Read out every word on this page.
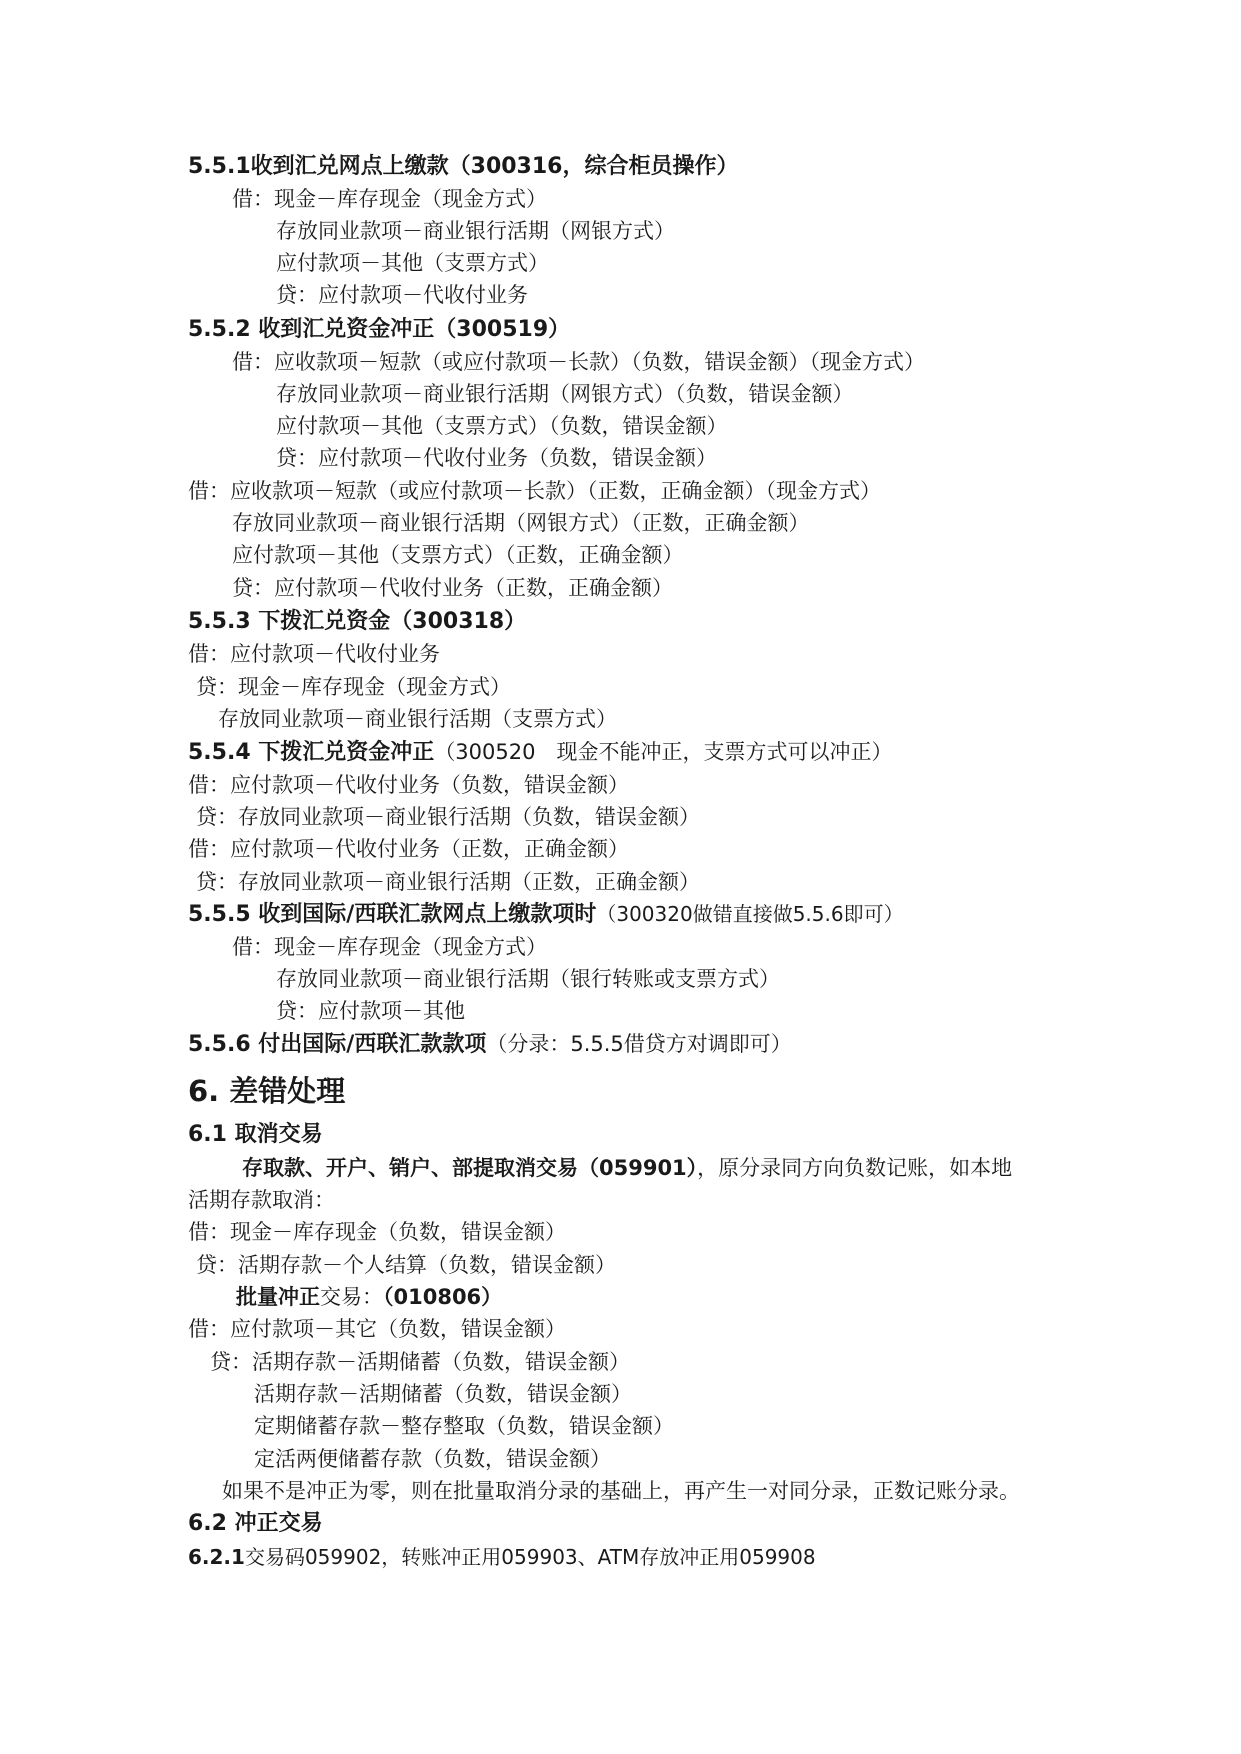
5.5.1收到汇兑网点上缴款（300316，综合柜员操作）
借：现金－库存现金（现金方式）
存放同业款项－商业银行活期（网银方式）
应付款项－其他（支票方式）
贷：应付款项－代收付业务
5.5.2 收到汇兑资金冲正（300519）
借：应收款项－短款（或应付款项－长款）（负数，错误金额）（现金方式）
存放同业款项－商业银行活期（网银方式）（负数，错误金额）
应付款项－其他（支票方式）（负数，错误金额）
贷：应付款项－代收付业务（负数，错误金额）
借：应收款项－短款（或应付款项－长款）（正数，正确金额）（现金方式）
存放同业款项－商业银行活期（网银方式）（正数，正确金额）
应付款项－其他（支票方式）（正数，正确金额）
贷：应付款项－代收付业务（正数，正确金额）
5.5.3 下拨汇兑资金（300318）
借：应付款项－代收付业务
贷：现金－库存现金（现金方式）
存放同业款项－商业银行活期（支票方式）
5.5.4 下拨汇兑资金冲正（300520　现金不能冲正，支票方式可以冲正）
借：应付款项－代收付业务（负数，错误金额）
贷：存放同业款项－商业银行活期（负数，错误金额）
借：应付款项－代收付业务（正数，正确金额）
贷：存放同业款项－商业银行活期（正数，正确金额）
5.5.5 收到国际/西联汇款网点上缴款项时（300320做错直接做5.5.6即可）
借：现金－库存现金（现金方式）
存放同业款项－商业银行活期（银行转账或支票方式）
贷：应付款项－其他
5.5.6 付出国际/西联汇款款项（分录：5.5.5借贷方对调即可）
6. 差错处理
6.1 取消交易
存取款、开户、销户、部提取消交易（059901），原分录同方向负数记账，如本地
活期存款取消：
借：现金－库存现金（负数，错误金额）
贷：活期存款－个人结算（负数，错误金额）
批量冲正交易：（010806）
借：应付款项－其它（负数，错误金额）
贷：活期存款－活期储蓄（负数，错误金额）
活期存款－活期储蓄（负数，错误金额）
定期储蓄存款－整存整取（负数，错误金额）
定活两便储蓄存款（负数，错误金额）
如果不是冲正为零，则在批量取消分录的基础上，再产生一对同分录，正数记账分录。
6.2 冲正交易
6.2.1交易码059902，转账冲正用059903、ATM存放冲正用059908
